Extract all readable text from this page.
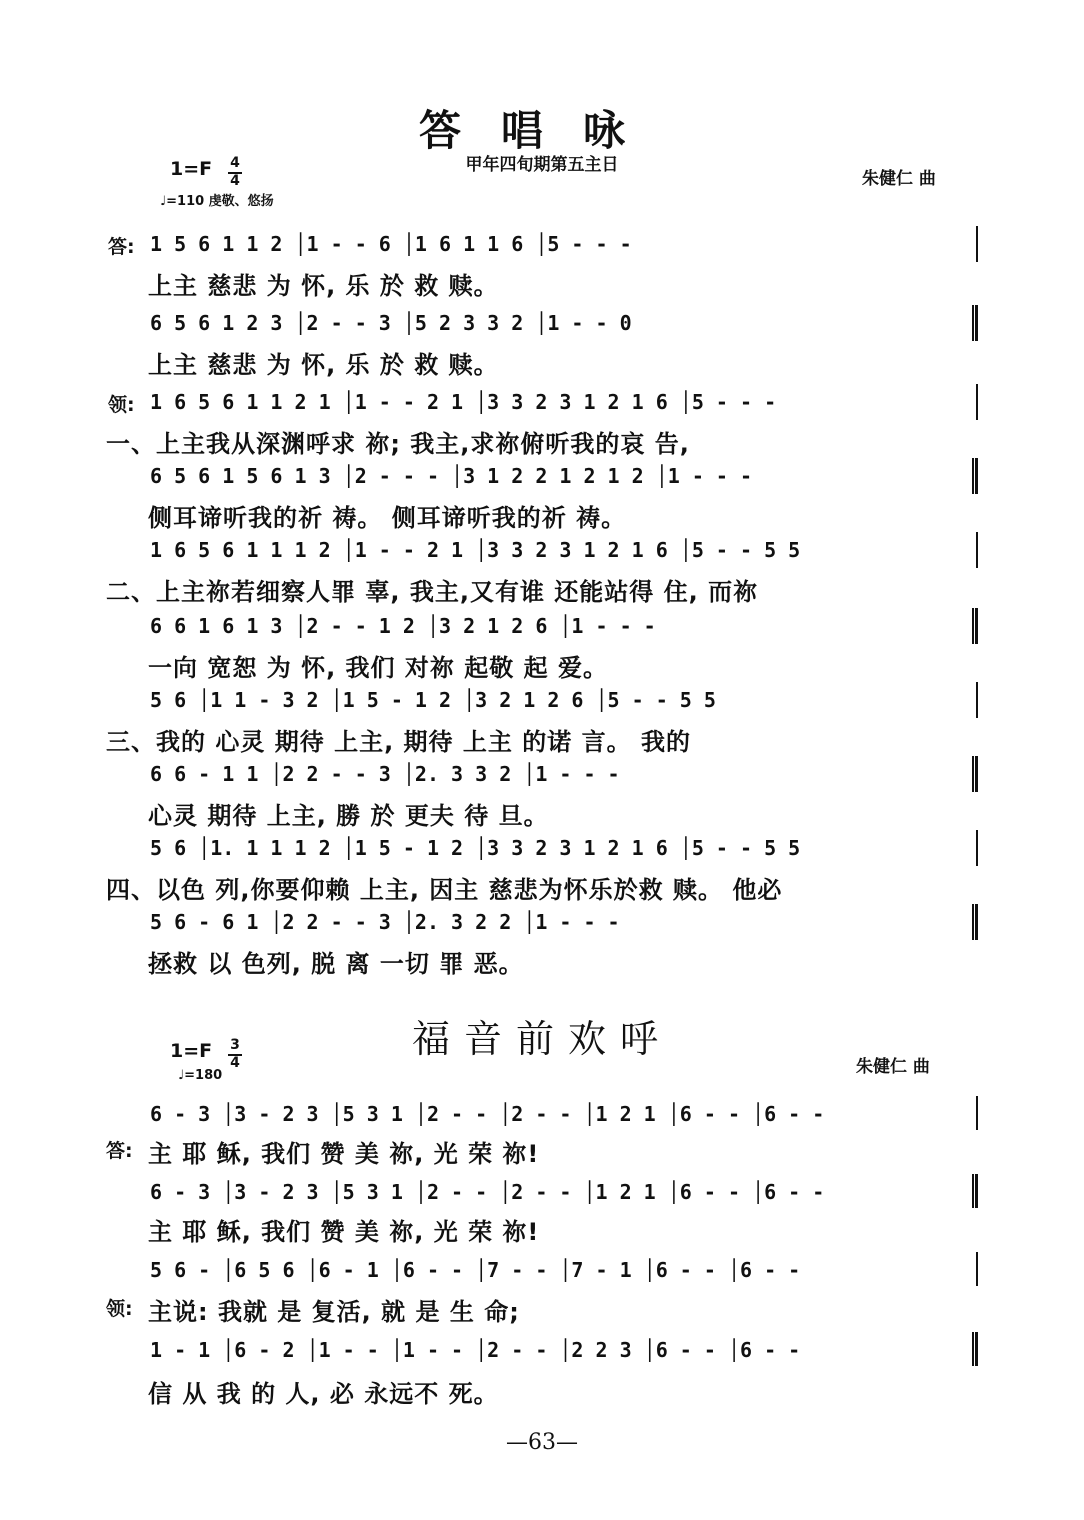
答唱咏
甲年四旬期第五主日
1=F 4
4
♩=110 虔敬、悠扬
朱健仁 曲
答: 1 5 6 1 1 2 │1 - - 6 │1 6 1 1 6 │5 - - -
上主 慈悲 为 怀, 乐 於 救 赎。
6 5 6 1 2 3 │2 - - 3 │5 2 3 3 2 │1 - - 0
上主 慈悲 为 怀, 乐 於 救 赎。
领: 1 6 5 6 1 1 2 1 │1 - - 2 1 │3 3 2 3 1 2 1 6 │5 - - -
一、上主我从深渊呼求 祢; 我主,求祢俯听我的哀 告,
6 5 6 1 5 6 1 3 │2 - - - │3 1 2 2 1 2 1 2 │1 - - -
侧耳谛听我的祈 祷。 侧耳谛听我的祈 祷。
1 6 5 6 1 1 1 2 │1 - - 2 1 │3 3 2 3 1 2 1 6 │5 - - 5 5
二、上主祢若细察人罪 辜, 我主,又有谁 还能站得 住, 而祢
6 6 1 6 1 3 │2 - - 1 2 │3 2 1 2 6 │1 - - -
一向 宽恕 为 怀, 我们 对祢 起敬 起 爱。
5 6 │1 1 - 3 2 │1 5 - 1 2 │3 2 1 2 6 │5 - - 5 5
三、我的 心灵 期待 上主, 期待 上主 的诺 言。 我的
6 6 - 1 1 │2 2 - - 3 │2. 3 3 2 │1 - - -
心灵 期待 上主, 勝 於 更夫 待 旦。
5 6 │1. 1 1 1 2 │1 5 - 1 2 │3 3 2 3 1 2 1 6 │5 - - 5 5
四、以色 列,你要仰赖 上主, 因主 慈悲为怀乐於救 赎。 他必
5 6 - 6 1 │2 2 - - 3 │2. 3 2 2 │1 - - -
拯救 以 色列, 脱 离 一切 罪 恶。
福音前欢呼
1=F 3
4
♩=180	朱健仁 曲
6 - 3 │3 - 2 3 │5 3 1 │2 - - │2 - - │1 2 1 │6 - - │6 - -
答: 主 耶 稣, 我们 赞 美 祢, 光 荣 祢!
6 - 3 │3 - 2 3 │5 3 1 │2 - - │2 - - │1 2 1 │6 - - │6 - -
主 耶 稣, 我们 赞 美 祢, 光 荣 祢!
5 6 - │6 5 6 │6 - 1 │6 - - │7 - - │7 - 1 │6 - - │6 - -
领: 主说: 我就 是 复活, 就 是 生 命;
1 - 1 │6 - 2 │1 - - │1 - - │2 - - │2 2 3 │6 - - │6 - -
信 从 我 的 人, 必 永远不 死。
—63—
